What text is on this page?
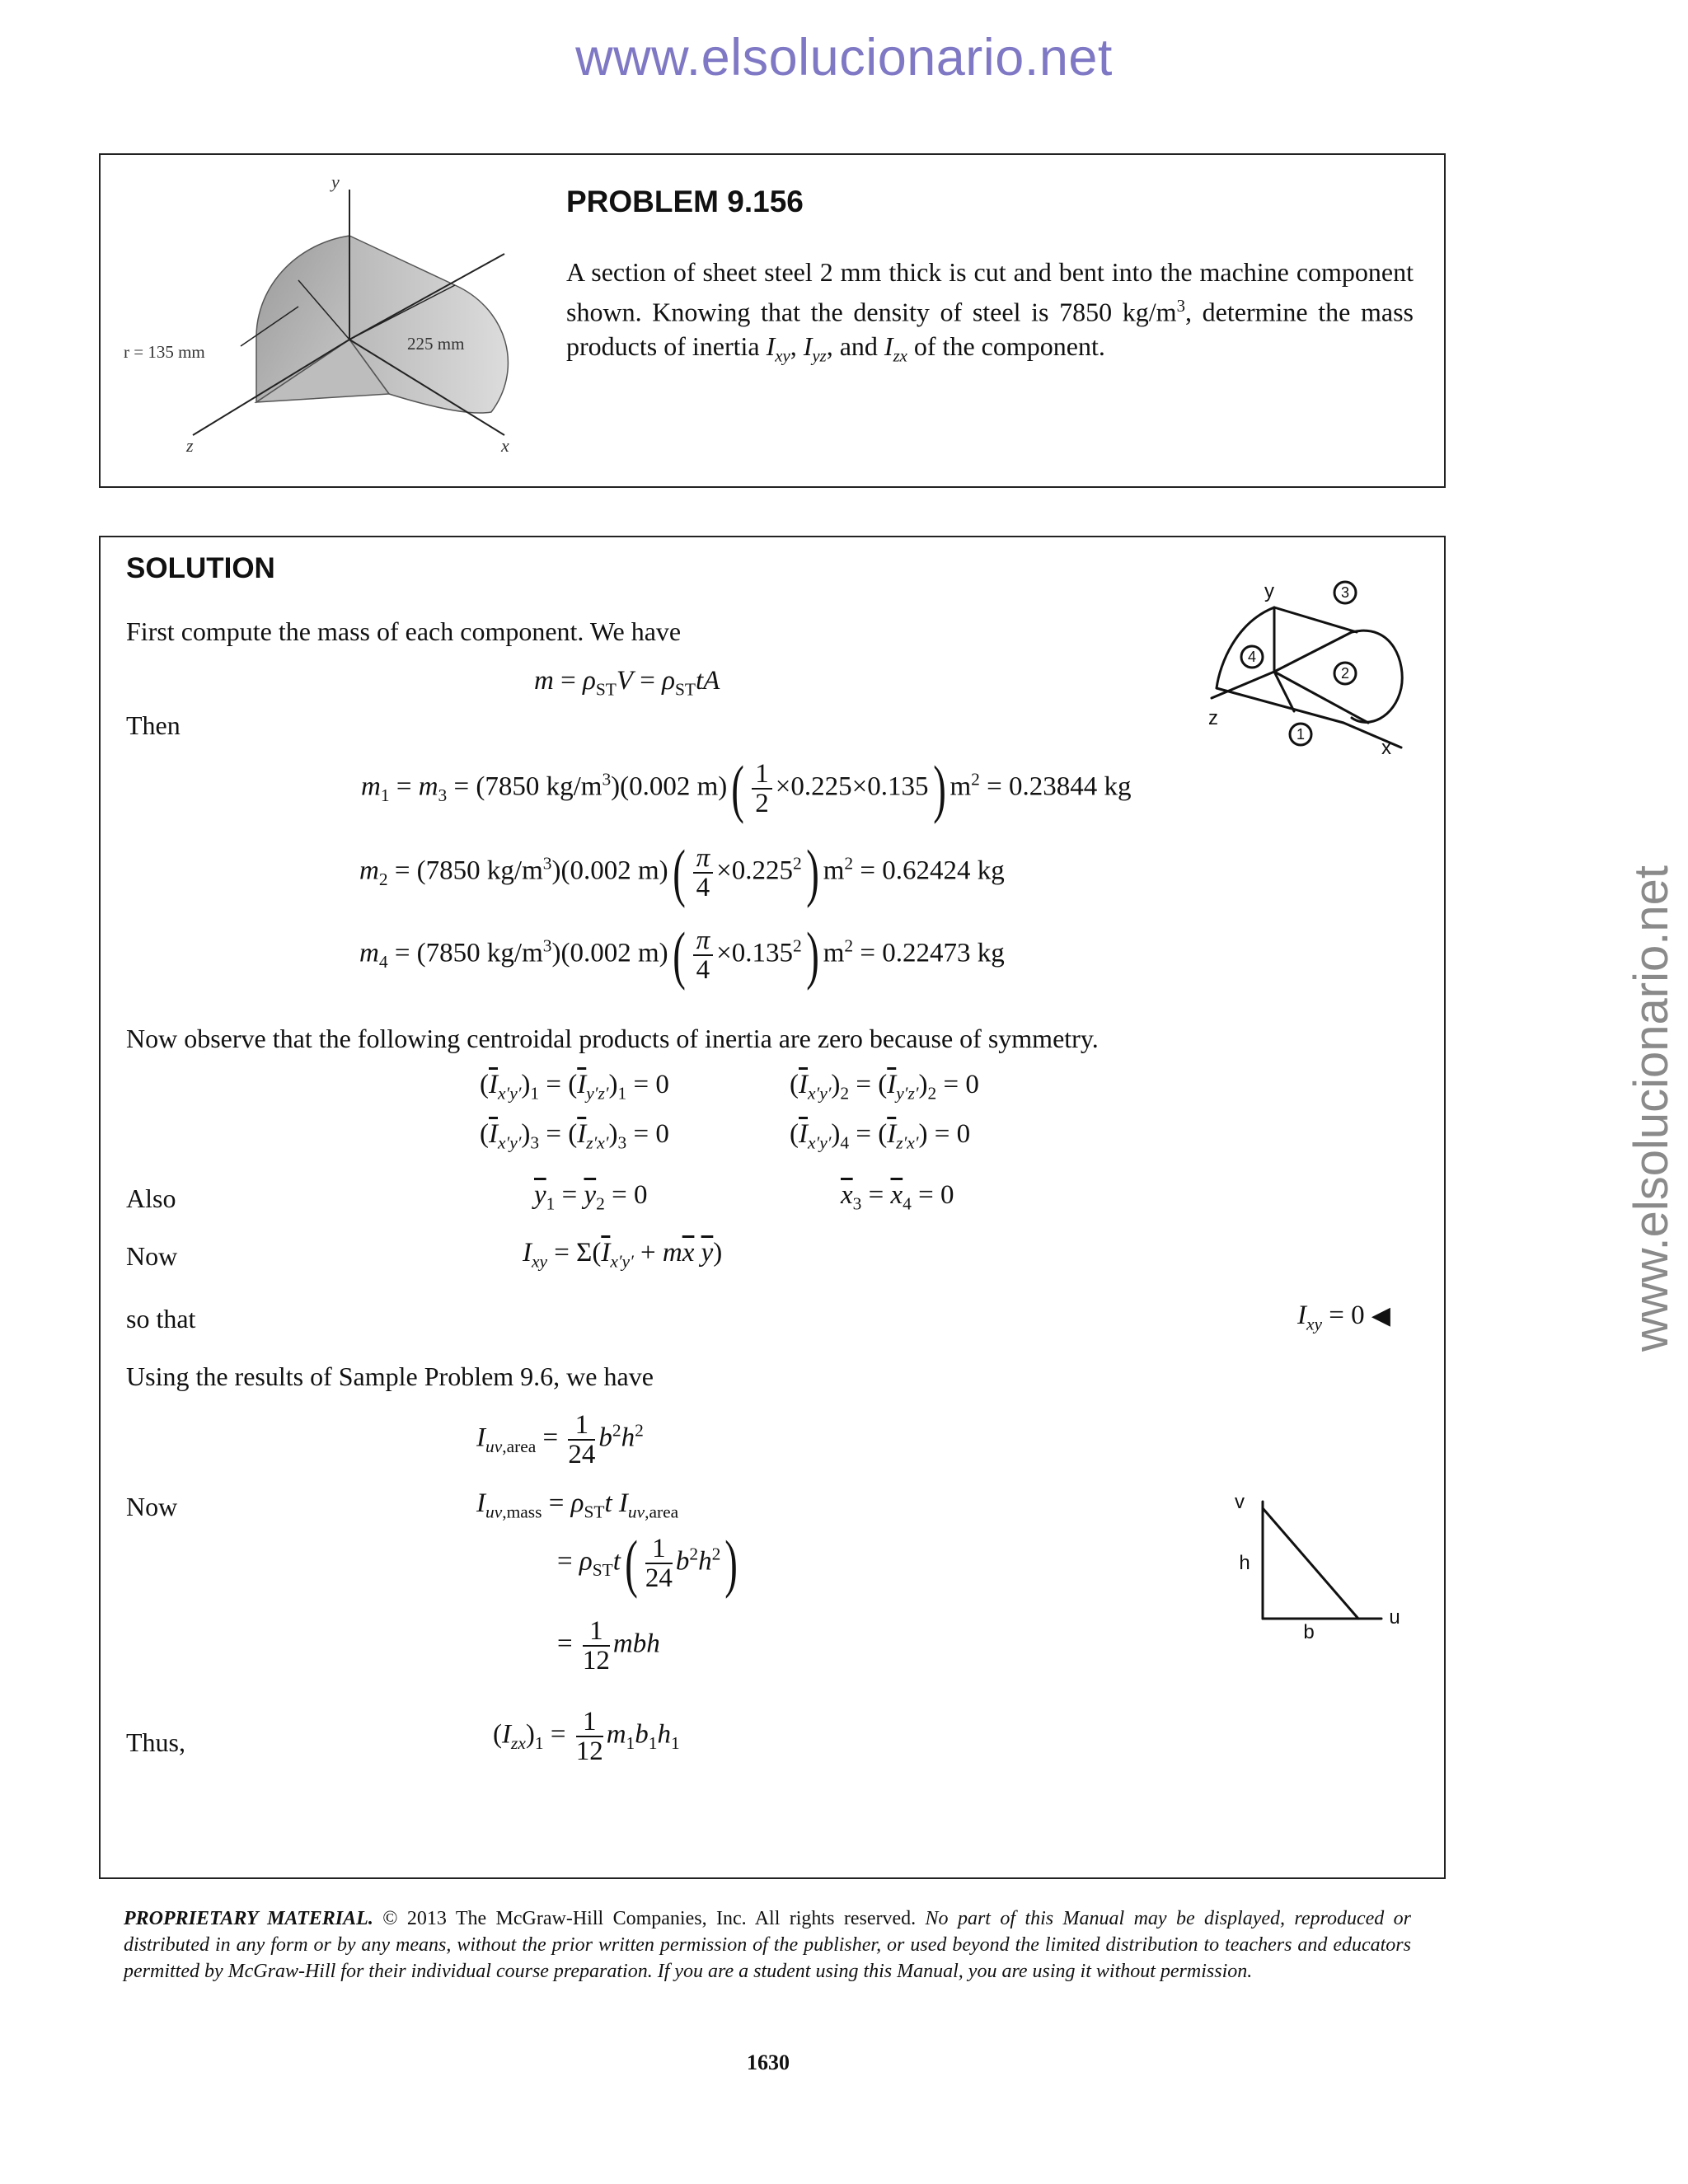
www.elsolucionario.net
www.elsolucionario.net
y
z	x
r = 135 mm	225 mm
PROBLEM 9.156
A section of sheet steel 2 mm thick is cut and bent into the machine component shown. Knowing that the density of steel is 7850 $kg/m^3$, determine the mass products of inertia $I_{xy}$, $I_{yz}$, and $I_{zx}$ of the component.
SOLUTION
First compute the mass of each component. We have
$m = \rho_{ST}V = \rho_{ST}tA$
Then
4
3
2
1
y
z
x
$m_1 = m_3 = (7850$ $kg/m^3)(0.002$ $m)( \frac{1}{2} \times 0.225\times 0.135)$ $m^2 = 0.23844$ kg
$m_2 = (7850$ $kg/m^3)(0.002$ $m)( \frac{\pi}{4} \times 0.225^2)$ $m^2 = 0.62424$ kg
$m_4 = (7850$ $kg/m^3)(0.002$ $m)( \frac{\pi}{4} \times 0.135^2)$ $m^2 = 0.22473$ kg
Now observe that the following centroidal products of inertia are zero because of symmetry.
$(\overline{I}_{x'y'})_1 = (\overline{I}_{y'z'})_1 = 0$	$(\overline{I}_{x'y'})_2 = (\overline{I}_{y'z'})_2 = 0$
$(\overline{I}_{x'y'})_3 = (\overline{I}_{z'x'})_3 = 0$	$(\overline{I}_{x'y'})_4 = (\overline{I}_{z'x'}) = 0$
Also	$\overline{y}_1 = \overline{y}_2 = 0$	$\overline{x}_3 = \overline{x}_4 = 0$
Now	$I_{xy} = \Sigma(\overline{I}_{x'y'} + m\overline{x}$ $\overline{y}$)
so that	$I_{xy} = 0$ ◀
Using the results of Sample Problem 9.6, we have
$I_{uv,area} = \frac{1}{24} b^2h^2$
Now	$I_{uv,mass} = \rho_{ST}t$ $I_{uv,area}$
= $\rho_{ST}t( \frac{1}{24} b^2h^2)$
= $\frac{1}{12}$ mbh
v
h
b
u
Thus,	$(I_{zx})_1 = \frac{1}{12} m_1b_1h_1$
PROPRIETARY MATERIAL. © 2013 The McGraw-Hill Companies, Inc. All rights reserved. No part of this Manual may be displayed, reproduced or distributed in any form or by any means, without the prior written permission of the publisher, or used beyond the limited distribution to teachers and educators permitted by McGraw-Hill for their individual course preparation. If you are a student using this Manual, you are using it without permission.
1630
